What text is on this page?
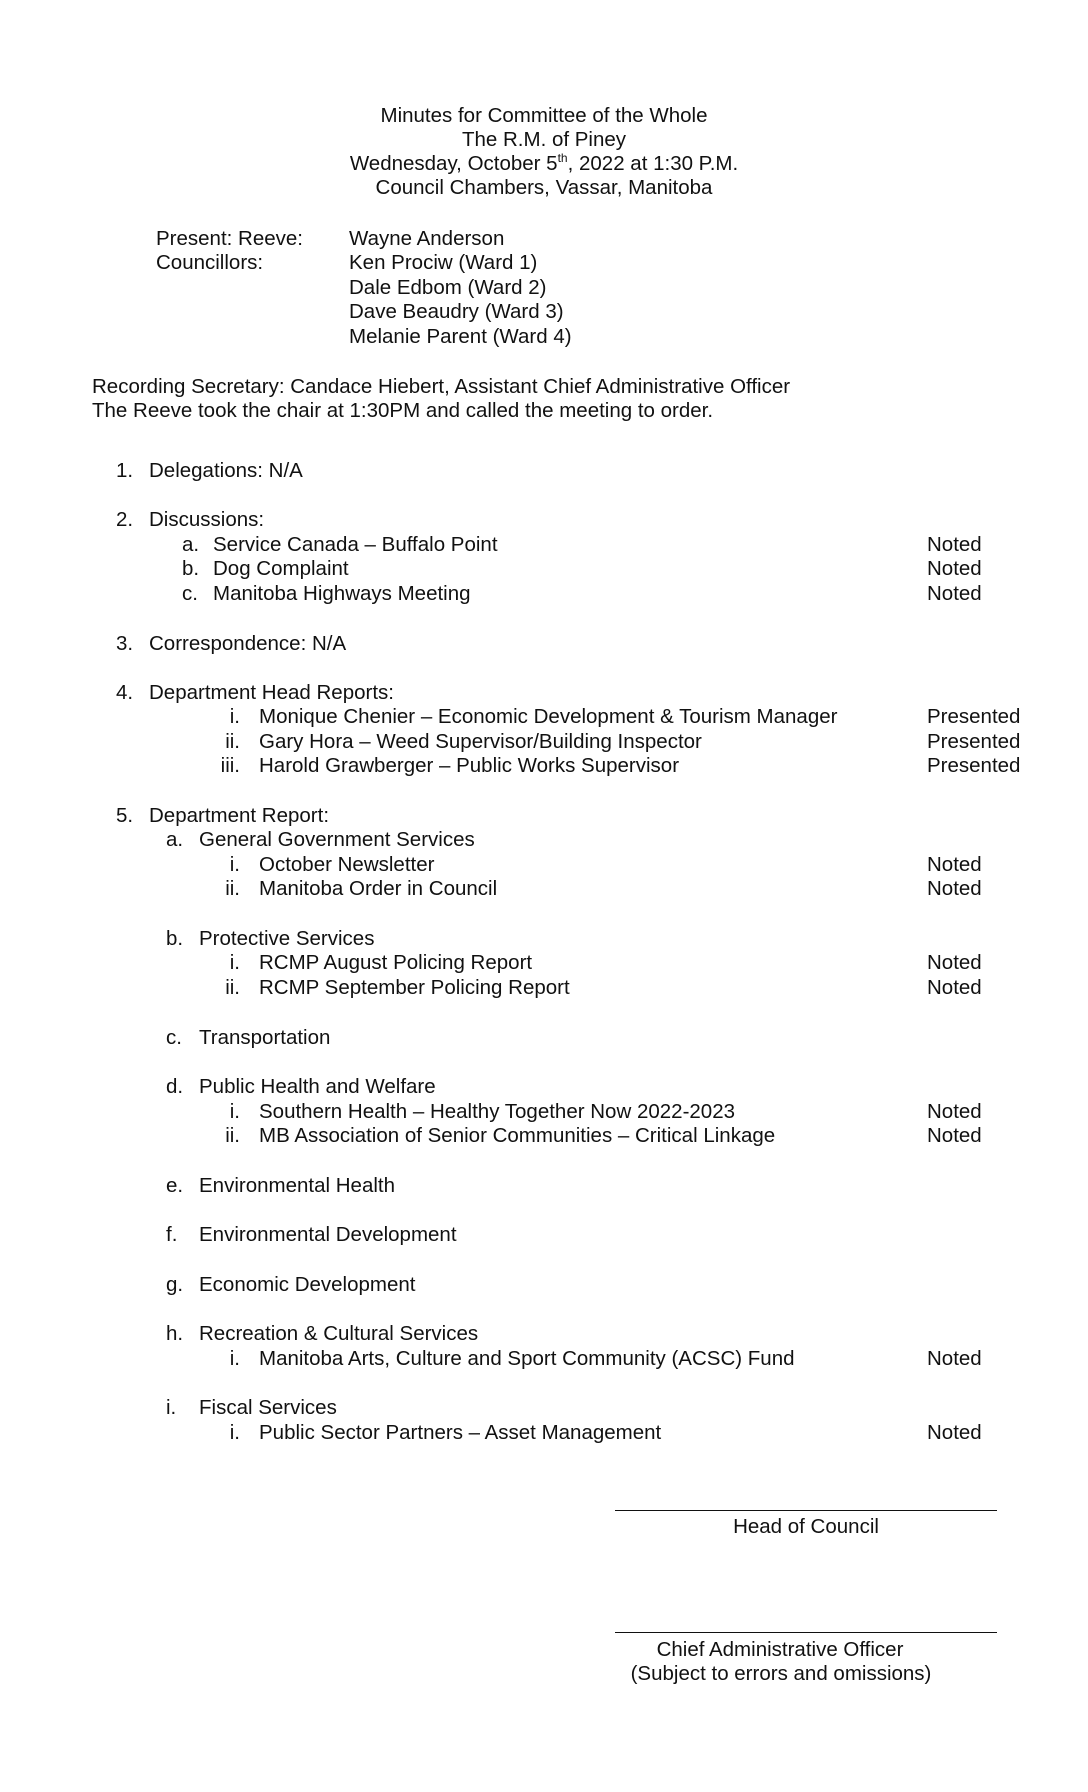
Minutes for Committee of the Whole
The R.M. of Piney
Wednesday, October 5th, 2022 at 1:30 P.M.
Council Chambers, Vassar, Manitoba
Present: Reeve: Wayne Anderson
Councillors:	Ken Prociw (Ward 1)
Dale Edbom (Ward 2)
Dave Beaudry (Ward 3)
Melanie Parent (Ward 4)
Recording Secretary: Candace Hiebert, Assistant Chief Administrative Officer
The Reeve took the chair at 1:30PM and called the meeting to order.
1. Delegations: N/A
2. Discussions:
a. Service Canada – Buffalo Point	Noted
b. Dog Complaint	Noted
c. Manitoba Highways Meeting	Noted
3. Correspondence: N/A
4. Department Head Reports:
i. Monique Chenier – Economic Development & Tourism Manager	Presented
ii. Gary Hora – Weed Supervisor/Building Inspector	Presented
iii. Harold Grawberger – Public Works Supervisor	Presented
5. Department Report:
a. General Government Services
i. October Newsletter	Noted
ii. Manitoba Order in Council	Noted
b. Protective Services
i. RCMP August Policing Report	Noted
ii. RCMP September Policing Report	Noted
c. Transportation
d. Public Health and Welfare
i. Southern Health – Healthy Together Now 2022-2023	Noted
ii. MB Association of Senior Communities – Critical Linkage	Noted
e. Environmental Health
f. Environmental Development
g. Economic Development
h. Recreation & Cultural Services
i. Manitoba Arts, Culture and Sport Community (ACSC) Fund	Noted
i. Fiscal Services
i. Public Sector Partners – Asset Management	Noted
Head of Council
Chief Administrative Officer
(Subject to errors and omissions)
